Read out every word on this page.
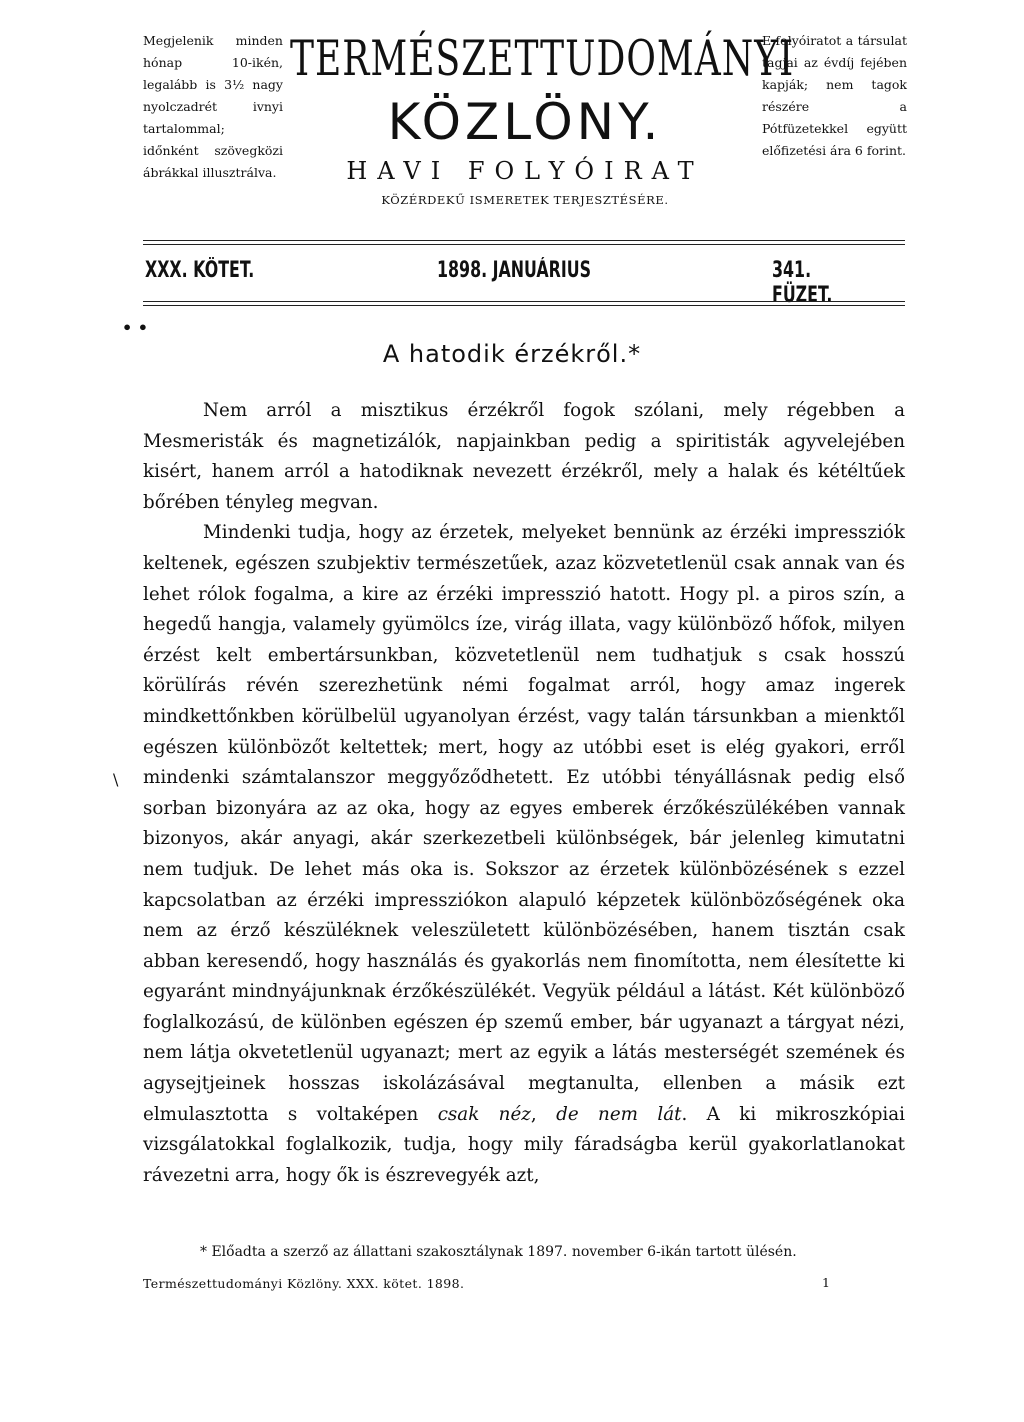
Megjelenik minden hónap 10-ikén, legalább is 3½ nagy nyolczadrét ivnyi tartalommal; időnként szövegközi ábrákkal illusztrálva.
TERMÉSZETTUDOMÁNYI
KÖZLÖNY.
HAVI FOLYÓIRAT
KÖZÉRDEKŰ ISMERETEK TERJESZTÉSÉRE.
E folyóiratot a társulat tagjai az évdíj fejében kapják; nem tagok részére a Pótfüzetekkel együtt előfizetési ára 6 forint.
XXX. KÖTET.	1898. JANUÁRIUS	341. FÜZET.
• •
A hatodik érzékről.*

Nem arról a misztikus érzékről fogok szólani, mely régebben a Mesmeristák és magnetizálók, napjainkban pedig a spiritisták agyvelejében kisért, hanem arról a hatodiknak nevezett érzékről, mely a halak és kétéltűek bőrében tényleg megvan.

Mindenki tudja, hogy az érzetek, melyeket bennünk az érzéki impressziók keltenek, egészen szubjektiv természetűek, azaz közvetetlenül csak annak van és lehet rólok fogalma, a kire az érzéki impresszió hatott. Hogy pl. a piros szín, a hegedű hangja, valamely gyümölcs íze, virág illata, vagy különböző hőfok, milyen érzést kelt embertársunkban, közvetetlenül nem tudhatjuk s csak hosszú körülírás révén szerezhetünk némi fogalmat arról, hogy amaz ingerek mindkettőnkben körülbelül ugyanolyan érzést, vagy talán társunkban a mienktől egészen különbözőt keltettek; mert, hogy az utóbbi eset is elég gyakori, erről mindenki számtalanszor meggyőződhetett. Ez utóbbi tényállásnak pedig első sorban bizonyára az az oka, hogy az egyes emberek érzőkészülékében vannak bizonyos, akár anyagi, akár szerkezetbeli különbségek, bár jelenleg kimutatni nem tudjuk. De lehet más oka is. Sokszor az érzetek különbözésének s ezzel kapcsolatban az érzéki impressziókon alapuló képzetek különbözőségének oka nem az érző készüléknek veleszületett különbözésében, hanem tisztán csak abban keresendő, hogy használás és gyakorlás nem finomította, nem élesítette ki egyaránt mindnyájunknak érzőkészülékét. Vegyük például a látást. Két különböző foglalkozású, de különben egészen ép szemű ember, bár ugyanazt a tárgyat nézi, nem látja okvetetlenül ugyanazt; mert az egyik a látás mesterségét szemének és agysejtjeinek hosszas iskolázásával megtanulta, ellenben a másik ezt elmulasztotta s voltaképen csak néz, de nem lát. A ki mikroszkópiai vizsgálatokkal foglalkozik, tudja, hogy mily fáradságba kerül gyakorlatlanokat rávezetni arra, hogy ők is észrevegyék azt,

\
* Előadta a szerző az állattani szakosztálynak 1897. november 6-ikán tartott ülésén.
Természettudományi Közlöny. XXX. kötet. 1898.	1
